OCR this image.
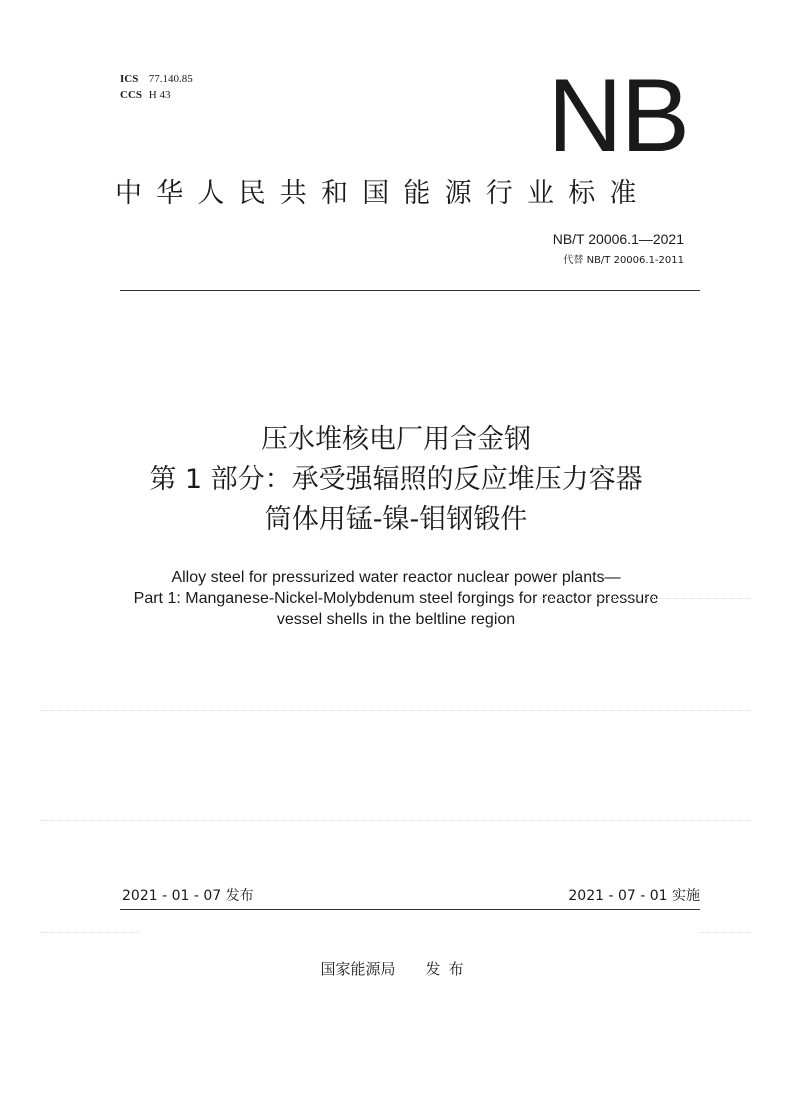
ICS 77.140.85
CCS H 43	NB
中华人民共和国能源行业标准
NB/T 20006.1—2021
代替 NB/T 20006.1-2011
压水堆核电厂用合金钢
第 1 部分：承受强辐照的反应堆压力容器
筒体用锰-镍-钼钢锻件
Alloy steel for pressurized water reactor nuclear power plants—
Part 1: Manganese-Nickel-Molybdenum steel forgings for reactor pressure
vessel shells in the beltline region
2021 - 01 - 07 发布	2021 - 07 - 01 实施
国家能源局 发布
